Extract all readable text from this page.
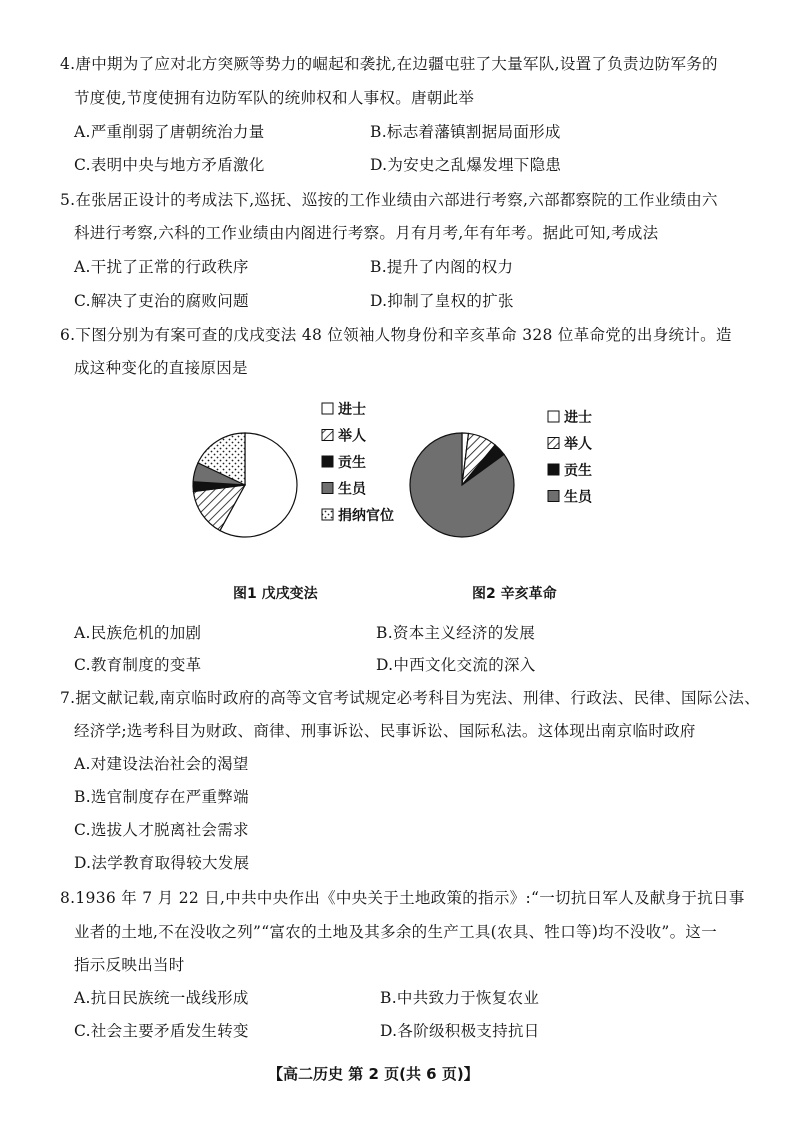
4.唐中期为了应对北方突厥等势力的崛起和袭扰,在边疆屯驻了大量军队,设置了负责边防军务的
节度使,节度使拥有边防军队的统帅权和人事权。唐朝此举
A.严重削弱了唐朝统治力量	B.标志着藩镇割据局面形成
C.表明中央与地方矛盾激化	D.为安史之乱爆发埋下隐患
5.在张居正设计的考成法下,巡抚、巡按的工作业绩由六部进行考察,六部都察院的工作业绩由六
科进行考察,六科的工作业绩由内阁进行考察。月有月考,年有年考。据此可知,考成法
A.干扰了正常的行政秩序	B.提升了内阁的权力
C.解决了吏治的腐败问题	D.抑制了皇权的扩张
6.下图分别为有案可查的戊戌变法 48 位领袖人物身份和辛亥革命 328 位革命党的出身统计。造
成这种变化的直接原因是
进士
举人
贡生
生员
捐纳官位
进士
举人
贡生
生员
图1 戊戌变法	图2 辛亥革命
A.民族危机的加剧	B.资本主义经济的发展
C.教育制度的变革	D.中西文化交流的深入
7.据文献记载,南京临时政府的高等文官考试规定必考科目为宪法、刑律、行政法、民律、国际公法、
经济学;选考科目为财政、商律、刑事诉讼、民事诉讼、国际私法。这体现出南京临时政府
A.对建设法治社会的渴望
B.选官制度存在严重弊端
C.选拔人才脱离社会需求
D.法学教育取得较大发展
8.1936 年 7 月 22 日,中共中央作出《中央关于土地政策的指示》:“一切抗日军人及献身于抗日事
业者的土地,不在没收之列”“富农的土地及其多余的生产工具(农具、牲口等)均不没收”。这一
指示反映出当时
A.抗日民族统一战线形成	B.中共致力于恢复农业
C.社会主要矛盾发生转变	D.各阶级积极支持抗日
【高二历史 第 2 页(共 6 页)】
